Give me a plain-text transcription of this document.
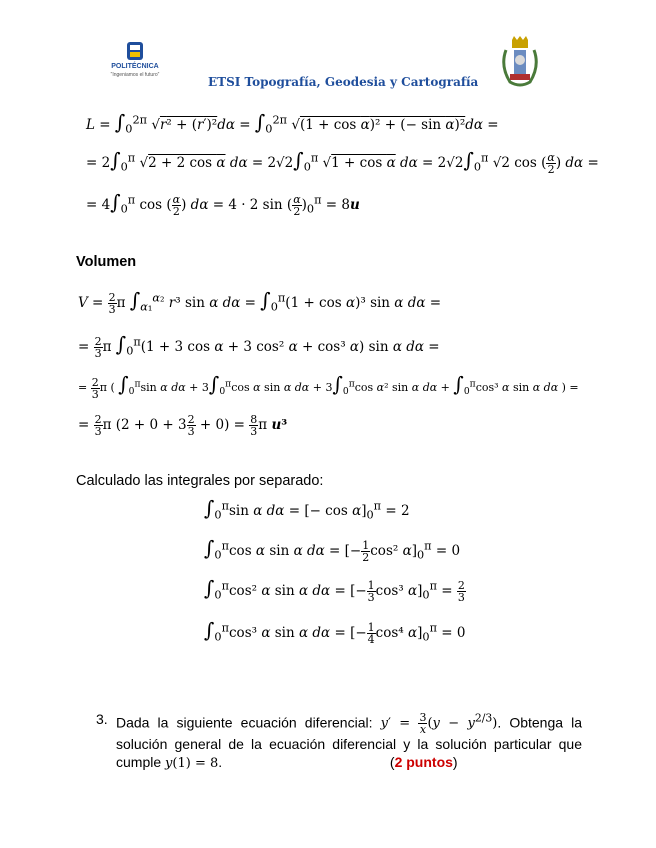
POLITÉCNICA
“Ingeniamos el futuro”	ETSI Topografía, Geodesia y Cartografía
$L = \int_0^{2\pi}$ $√r^2 + (r')^2d\alpha = \int_0^{2\pi}$ √(1 + cos α)² + (− sin α)²dα =
= $2\int_0^\pi$ √2 + 2 cos α $d\alpha = 2√2\int_0^\pi$ √1 + cos α $d\alpha = 2√2\int_0^\pi$ √2 cos ( $\frac{\alpha}{2}$ ) dα =
= $4\int_0^\pi$ cos ( $\frac{\alpha}{2}$ ) dα = 4 · 2 sin ( $\frac{\alpha}{2} )_0^\pi = 8u$
Volumen
$V = \frac{2}{3}$ π $\int_{\alpha_1}^{\alpha_2}$ r³ sin α $d\alpha = \int_0^\pi(1 + \cos \alpha)^3$ sin α dα =
= $\frac{2}{3}$ π $\int_0^\pi(1 + 3$ cos α + 3 cos² α + cos³ α) sin α dα =
= $\frac{2}{3}$ π ( $\int_0^\pi\sin$ α $d\alpha + 3\int_0^\pi\cos$ α sin α $d\alpha + 3\int_0^\pi\cos$ α² sin α $d\alpha + \int_0^\pi\cos^3$ α sin α dα ) =
= $\frac{2}{3}$ π $(2 + 0 + 3 \frac{2}{3} + 0) = \frac{8}{3}$ π u³
Calculado las integrales por separado:
$\int_0^\pi\sin$ α dα = [− $\cos \alpha]_0^\pi = 2$
$\int_0^\pi\cos$ α sin α dα = [− $\frac{1}{2} \cos^2$ $\alpha]_0^\pi = 0$
$\int_0^\pi\cos^2$ α sin α dα = [− $\frac{1}{3} \cos^3$ $\alpha]_0^\pi = \frac{2}{3}$
$\int_0^\pi\cos^3$ α sin α dα = [− $\frac{1}{4} \cos^4$ $\alpha]_0^\pi = 0$
3. Dada la siguiente ecuación diferencial: $y' = \frac{3}{x} (y - y^{2/3})$. Obtenga la solución general de la ecuación diferencial y la solución particular que cumple y(1) = 8.	(2 puntos)
